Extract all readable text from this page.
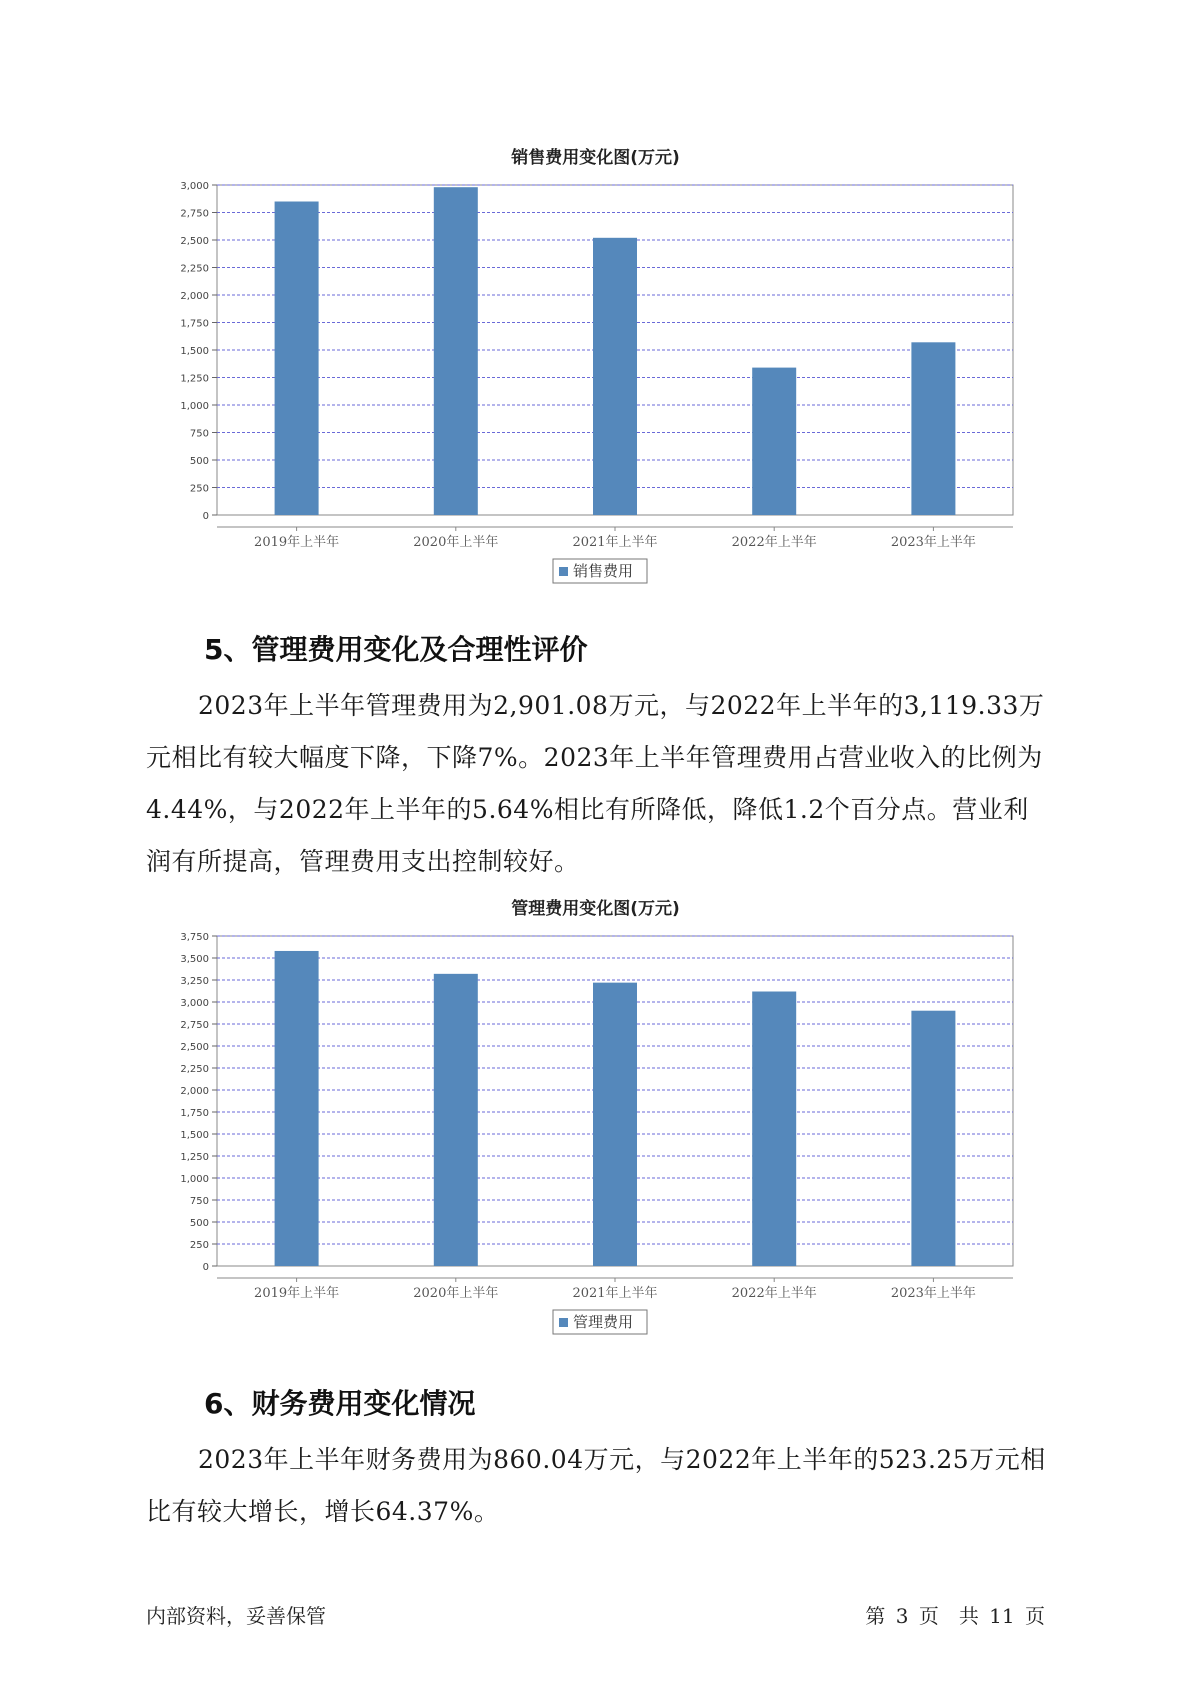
销售费用变化图(万元)
0
250
500
750
1,000
1,250
1,500
1,750
2,000
2,250
2,500
2,750
3,000
2019年上半年	2020年上半年	2021年上半年	2022年上半年	2023年上半年
销售费用
5、管理费用变化及合理性评价

2023年上半年管理费用为2,901.08万元，与2022年上半年的3,119.33万元相比有较大幅度下降，下降7%。2023年上半年管理费用占营业收入的比例为4.44%，与2022年上半年的5.64%相比有所降低，降低1.2个百分点。营业利润有所提高，管理费用支出控制较好。

管理费用变化图(万元)
0
250
500
750
1,000
1,250
1,500
1,750
2,000
2,250
2,500
2,750
3,000
3,250
3,500
3,750
2019年上半年	2020年上半年	2021年上半年	2022年上半年	2023年上半年
管理费用
6、财务费用变化情况

2023年上半年财务费用为860.04万元，与2022年上半年的523.25万元相比有较大增长，增长64.37%。

内部资料，妥善保管	第 3 页　共 11 页
